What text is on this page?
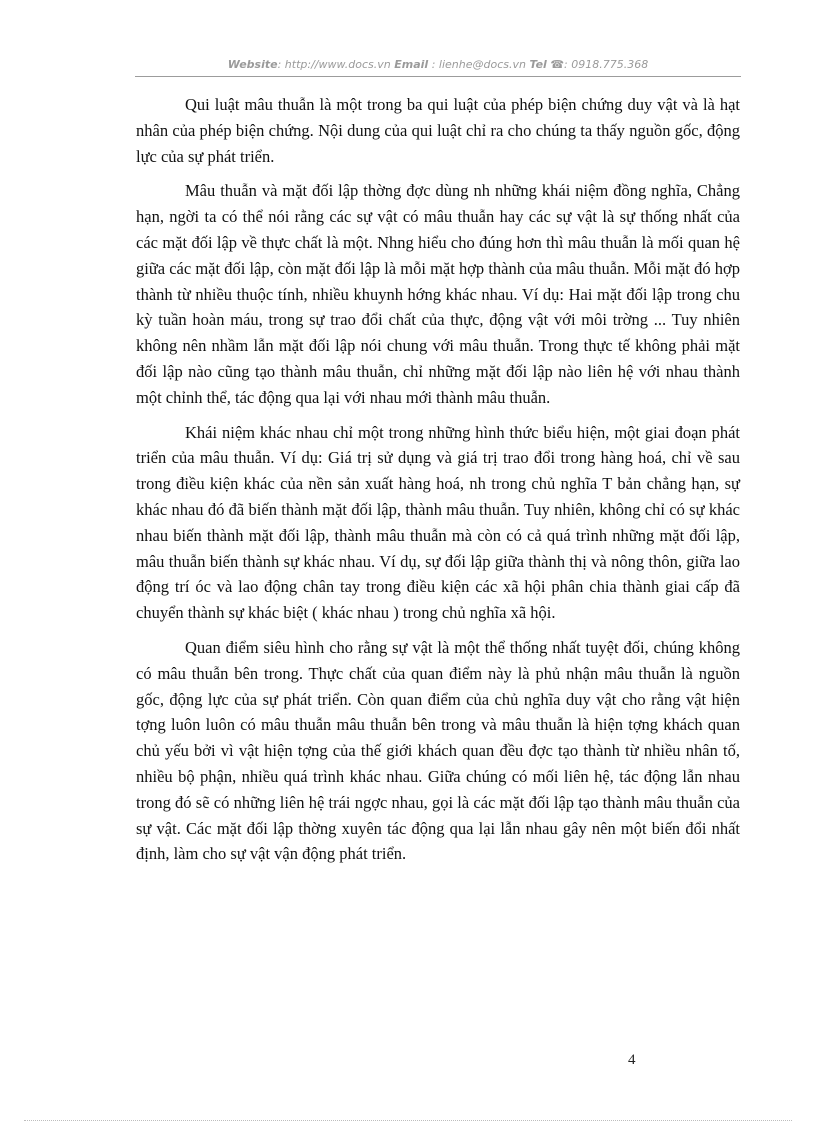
Website: http://www.docs.vn Email : lienhe@docs.vn Tel ☎: 0918.775.368

Qui luật mâu thuẫn là một trong ba qui luật của phép biện chứng duy vật và là hạt nhân của phép biện chứng. Nội dung của qui luật chỉ ra cho chúng ta thấy nguồn gốc, động lực của sự phát triển.

Mâu thuẫn và mặt đối lập thờng đợc dùng nh những khái niệm đồng nghĩa, Chẳng hạn, ngời ta có thể nói rằng các sự vật có mâu thuẫn hay các sự vật là sự thống nhất của các mặt đối lập về thực chất là một. Nhng hiểu cho đúng hơn thì mâu thuẫn là mối quan hệ giữa các mặt đối lập, còn mặt đối lập là mỗi mặt hợp thành của mâu thuẫn. Mỗi mặt đó hợp thành từ nhiều thuộc tính, nhiều khuynh hớng khác nhau. Ví dụ: Hai mặt đối lập trong chu kỳ tuần hoàn máu, trong sự trao đổi chất của thực, động vật với môi trờng ... Tuy nhiên không nên nhầm lẫn mặt đối lập nói chung với mâu thuẫn. Trong thực tế không phải mặt đối lập nào cũng tạo thành mâu thuẫn, chỉ những mặt đối lập nào liên hệ với nhau thành một chỉnh thể, tác động qua lại với nhau mới thành mâu thuẫn.

Khái niệm khác nhau chỉ một trong những hình thức biểu hiện, một giai đoạn phát triển của mâu thuẫn. Ví dụ: Giá trị sử dụng và giá trị trao đổi trong hàng hoá, chỉ về sau trong điều kiện khác của nền sản xuất hàng hoá, nh trong chủ nghĩa T bản chẳng hạn, sự khác nhau đó đã biến thành mặt đối lập, thành mâu thuẫn. Tuy nhiên, không chỉ có sự khác nhau biến thành mặt đối lập, thành mâu thuẫn mà còn có cả quá trình những mặt đối lập, mâu thuẫn biến thành sự khác nhau. Ví dụ, sự đối lập giữa thành thị và nông thôn, giữa lao động trí óc và lao động chân tay trong điều kiện các xã hội phân chia thành giai cấp đã chuyển thành sự khác biệt ( khác nhau ) trong chủ nghĩa xã hội.

Quan điểm siêu hình cho rằng sự vật là một thể thống nhất tuyệt đối, chúng không có mâu thuẫn bên trong. Thực chất của quan điểm này là phủ nhận mâu thuẫn là nguồn gốc, động lực của sự phát triển. Còn quan điểm của chủ nghĩa duy vật cho rằng vật hiện tợng luôn luôn có mâu thuẫn mâu thuẫn bên trong và mâu thuẫn là hiện tợng khách quan chủ yếu bởi vì vật hiện tợng của thế giới khách quan đều đợc tạo thành từ nhiều nhân tố, nhiều bộ phận, nhiều quá trình khác nhau. Giữa chúng có mối liên hệ, tác động lẫn nhau trong đó sẽ có những liên hệ trái ngợc nhau, gọi là các mặt đối lập tạo thành mâu thuẫn của sự vật. Các mặt đối lập thờng xuyên tác động qua lại lẫn nhau gây nên một biến đổi nhất định, làm cho sự vật vận động phát triển.

4
